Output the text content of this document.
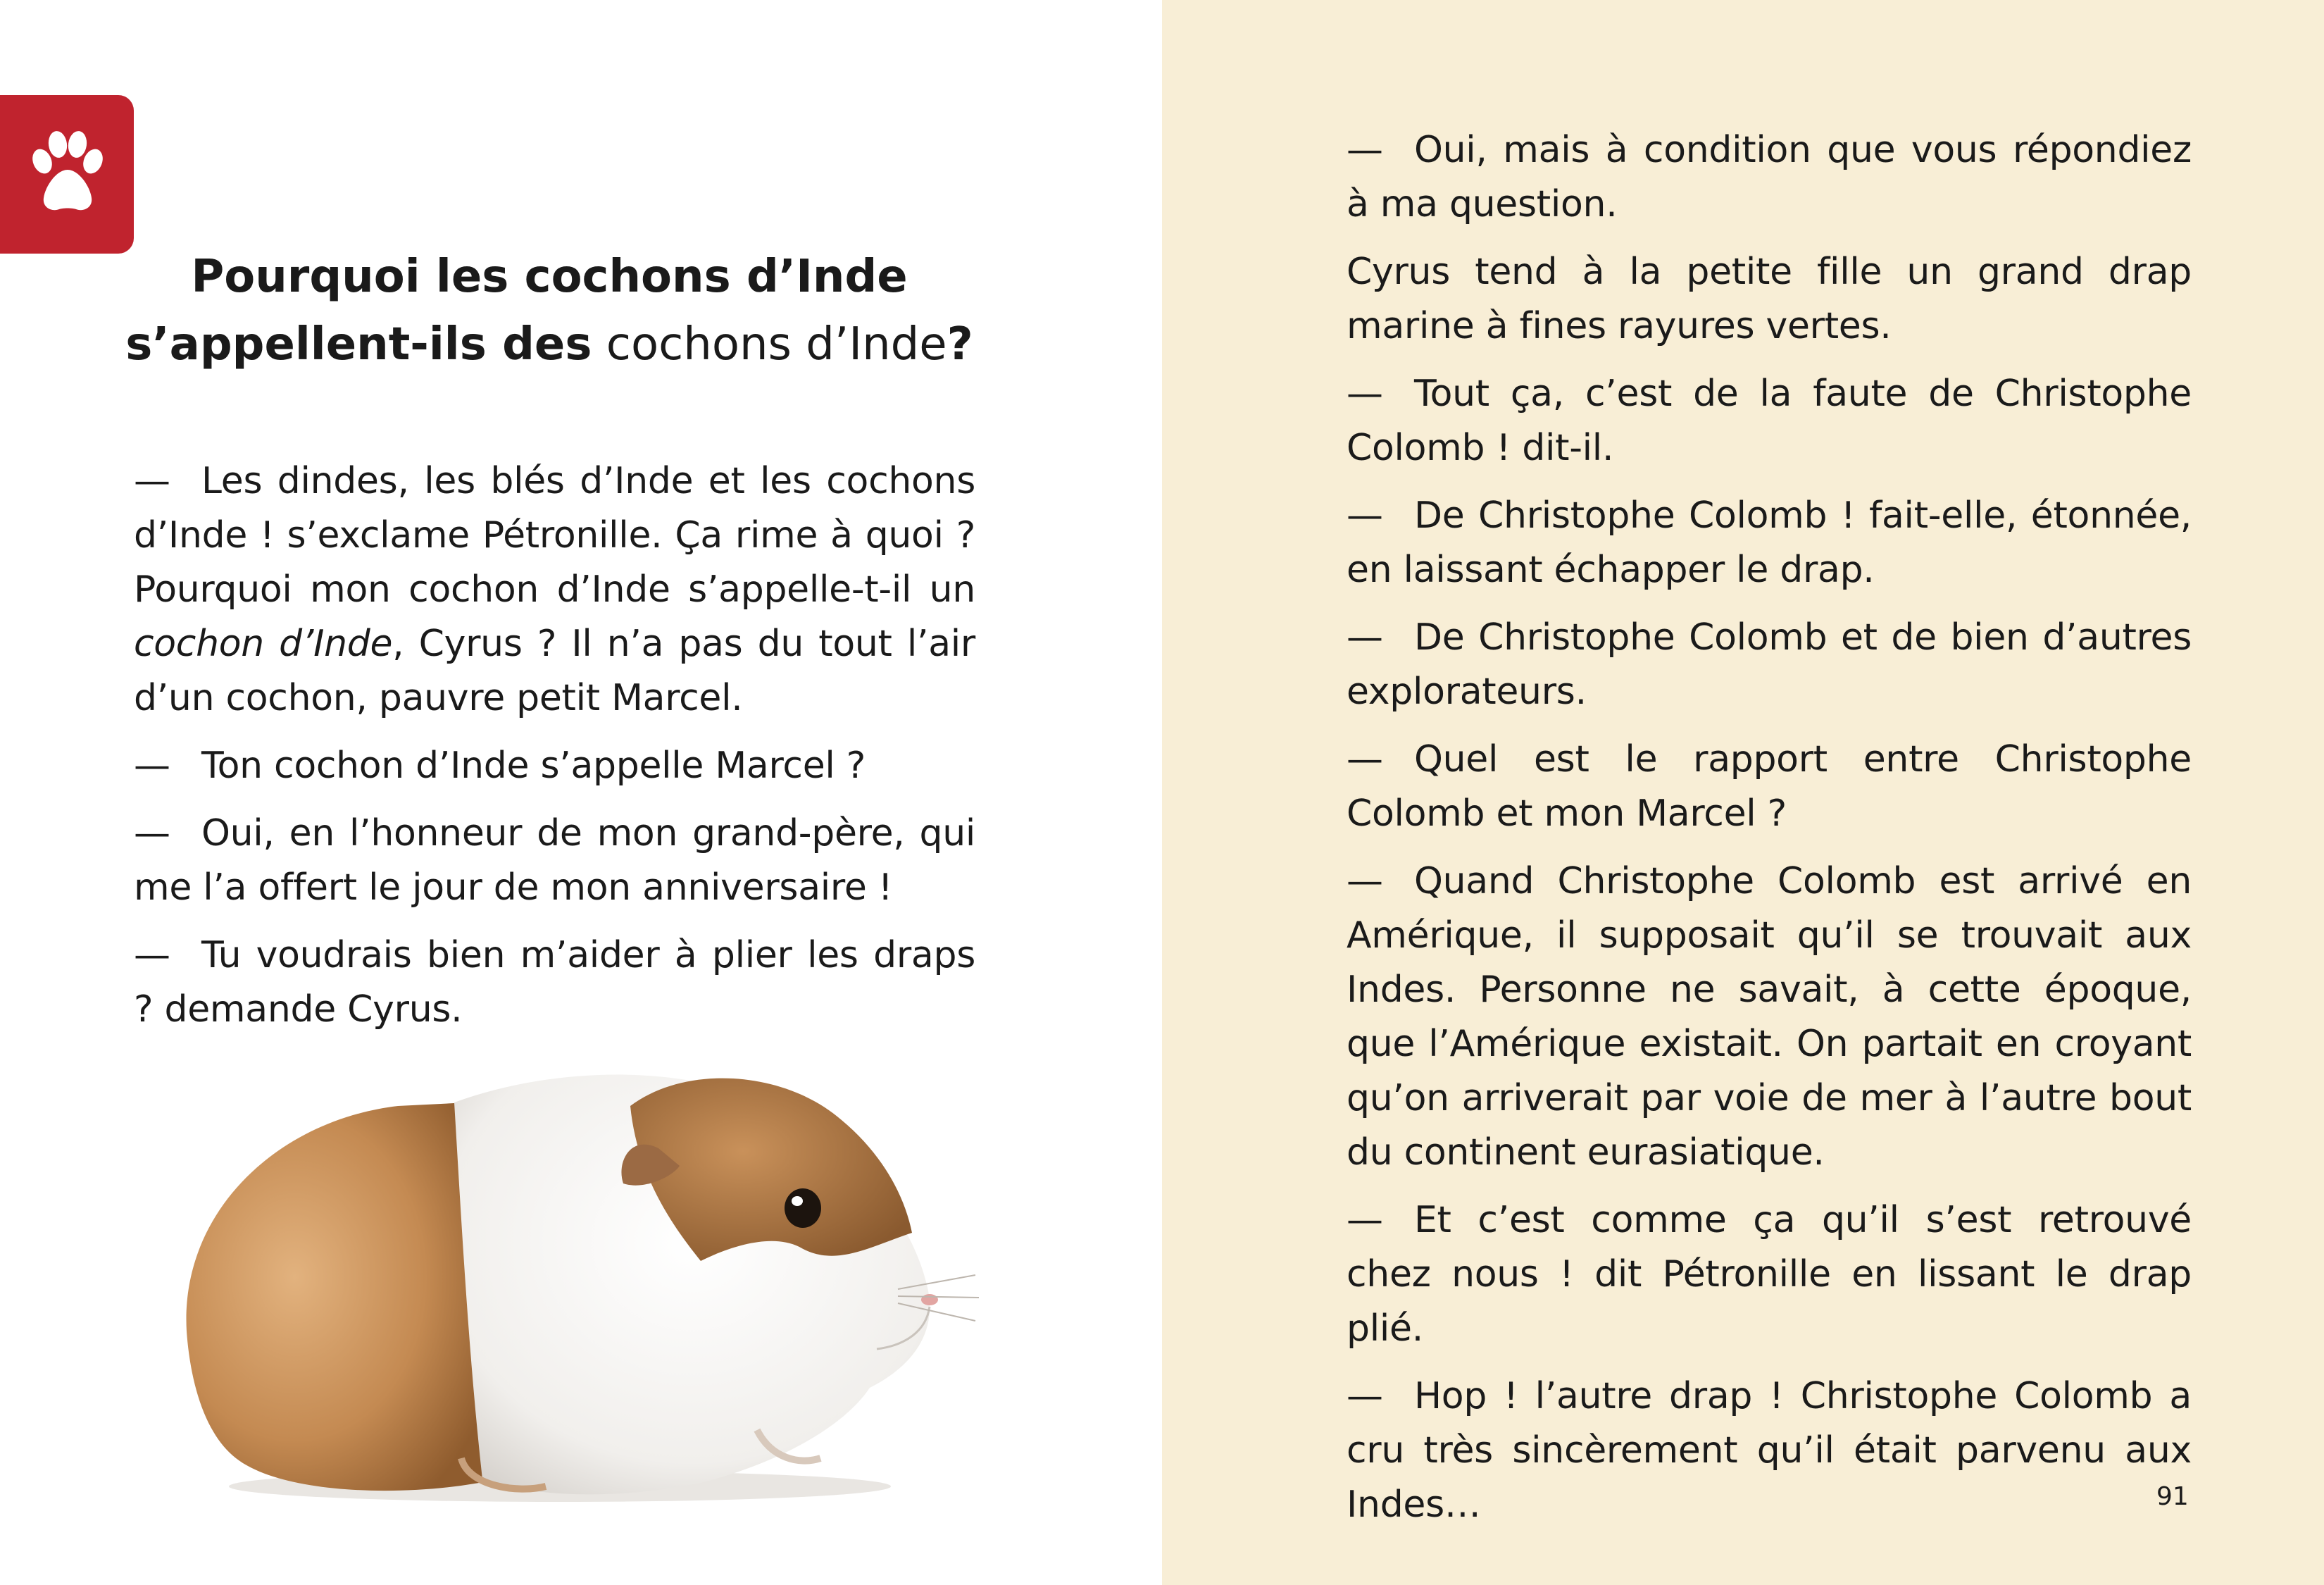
Pourquoi les cochons d’Inde
s’appellent-ils des cochons d’Inde?

— Les dindes, les blés d’Inde et les cochons d’Inde ! s’exclame Pétronille. Ça rime à quoi ? Pourquoi mon cochon d’Inde s’appelle-t-il un cochon d’Inde, Cyrus ? Il n’a pas du tout l’air d’un cochon, pauvre petit Marcel.

— Ton cochon d’Inde s’appelle Marcel ?

— Oui, en l’honneur de mon grand-père, qui me l’a offert le jour de mon anniversaire !

— Tu voudrais bien m’aider à plier les draps ? demande Cyrus.

— Oui, mais à condition que vous répondiez à ma question.

Cyrus tend à la petite fille un grand drap marine à fines rayures vertes.

— Tout ça, c’est de la faute de Christophe Colomb ! dit-il.

— De Christophe Colomb ! fait-elle, étonnée, en laissant échapper le drap.

— De Christophe Colomb et de bien d’autres explorateurs.

— Quel est le rapport entre Christophe Colomb et mon Marcel ?

— Quand Christophe Colomb est arrivé en Amérique, il supposait qu’il se trouvait aux Indes. Personne ne savait, à cette époque, que l’Amérique existait. On partait en croyant qu’on arriverait par voie de mer à l’autre bout du continent eurasiatique.

— Et c’est comme ça qu’il s’est retrouvé chez nous ! dit Pétronille en lissant le drap plié.

— Hop ! l’autre drap ! Christophe Colomb a cru très sincèrement qu’il était parvenu aux Indes…	91
